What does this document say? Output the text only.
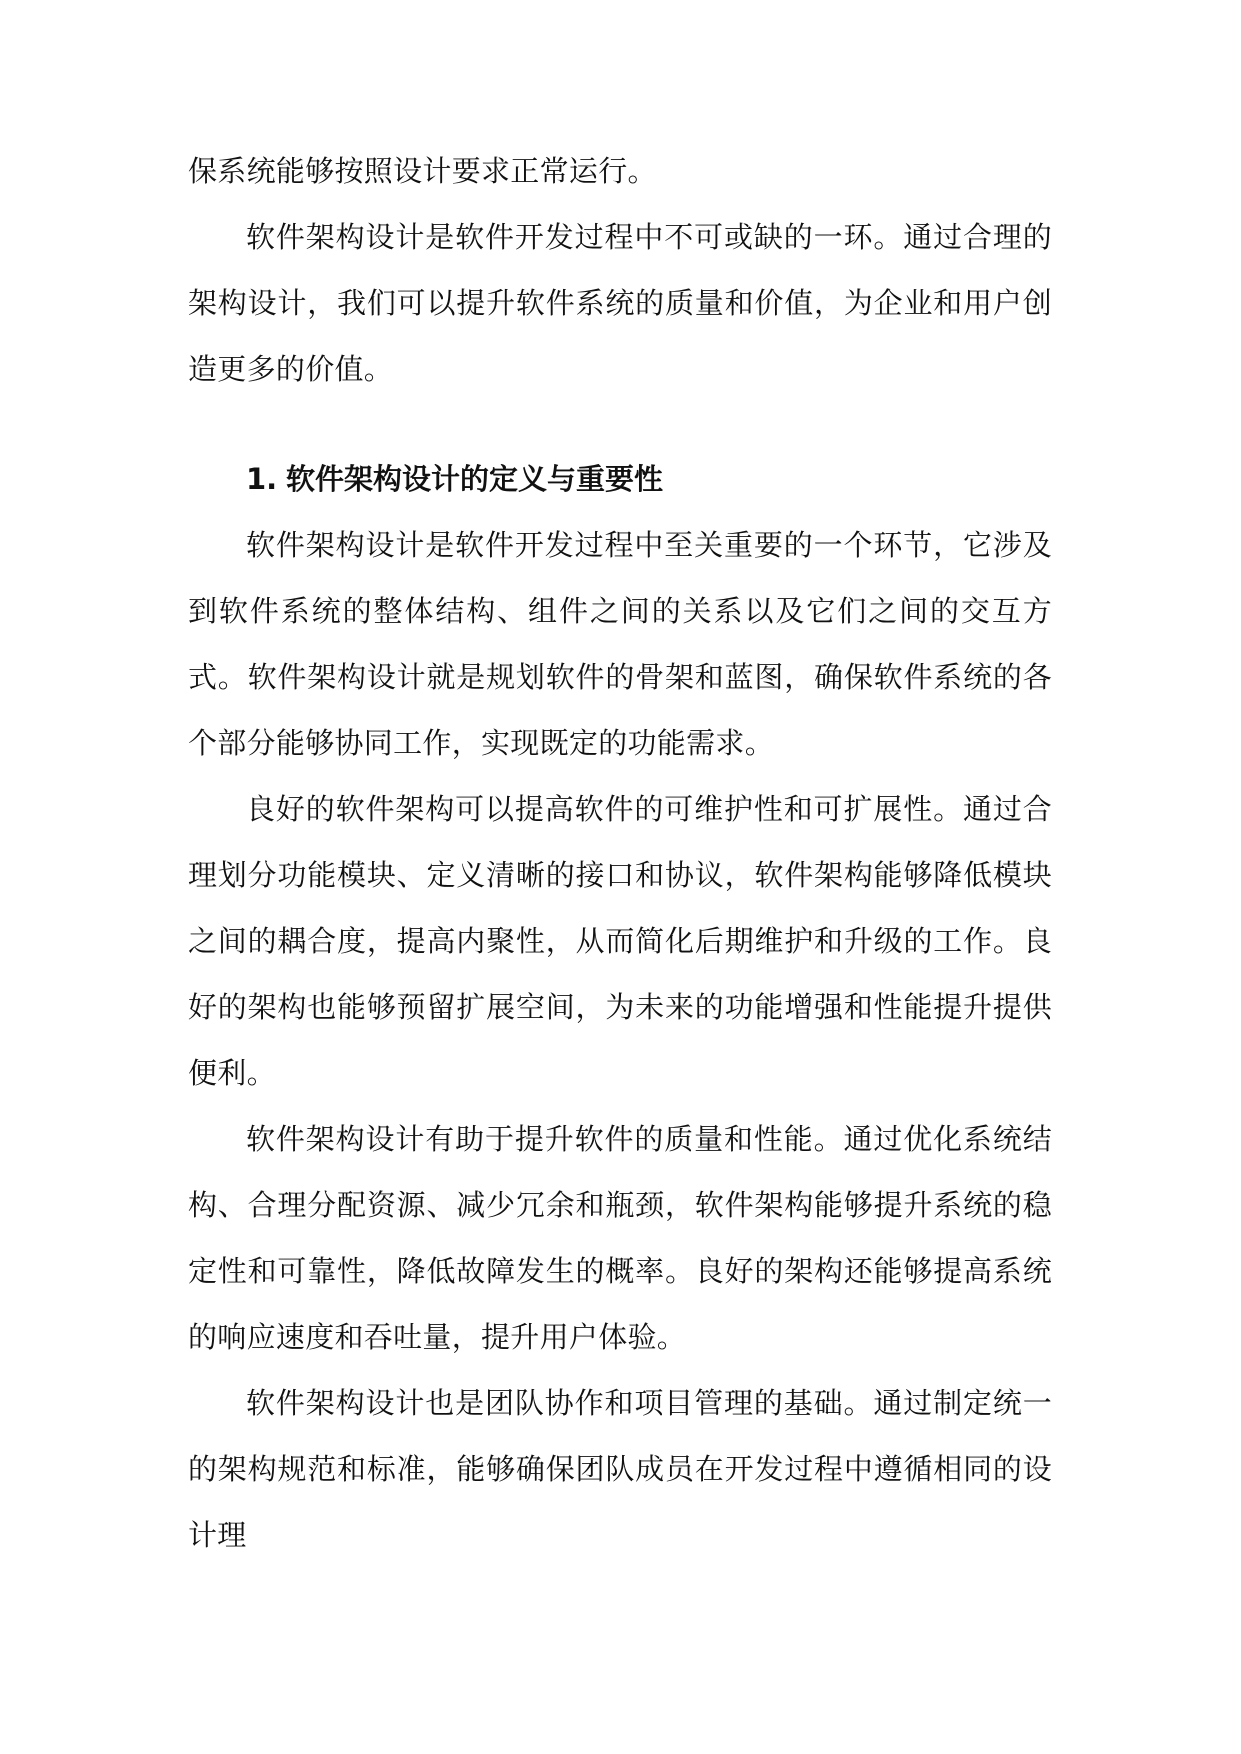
保系统能够按照设计要求正常运行。

软件架构设计是软件开发过程中不可或缺的一环。通过合理的架构设计，我们可以提升软件系统的质量和价值，为企业和用户创造更多的价值。

1. 软件架构设计的定义与重要性

软件架构设计是软件开发过程中至关重要的一个环节，它涉及到软件系统的整体结构、组件之间的关系以及它们之间的交互方式。软件架构设计就是规划软件的骨架和蓝图，确保软件系统的各个部分能够协同工作，实现既定的功能需求。

良好的软件架构可以提高软件的可维护性和可扩展性。通过合理划分功能模块、定义清晰的接口和协议，软件架构能够降低模块之间的耦合度，提高内聚性，从而简化后期维护和升级的工作。良好的架构也能够预留扩展空间，为未来的功能增强和性能提升提供便利。

软件架构设计有助于提升软件的质量和性能。通过优化系统结构、合理分配资源、减少冗余和瓶颈，软件架构能够提升系统的稳定性和可靠性，降低故障发生的概率。良好的架构还能够提高系统的响应速度和吞吐量，提升用户体验。

软件架构设计也是团队协作和项目管理的基础。通过制定统一的架构规范和标准，能够确保团队成员在开发过程中遵循相同的设计理
